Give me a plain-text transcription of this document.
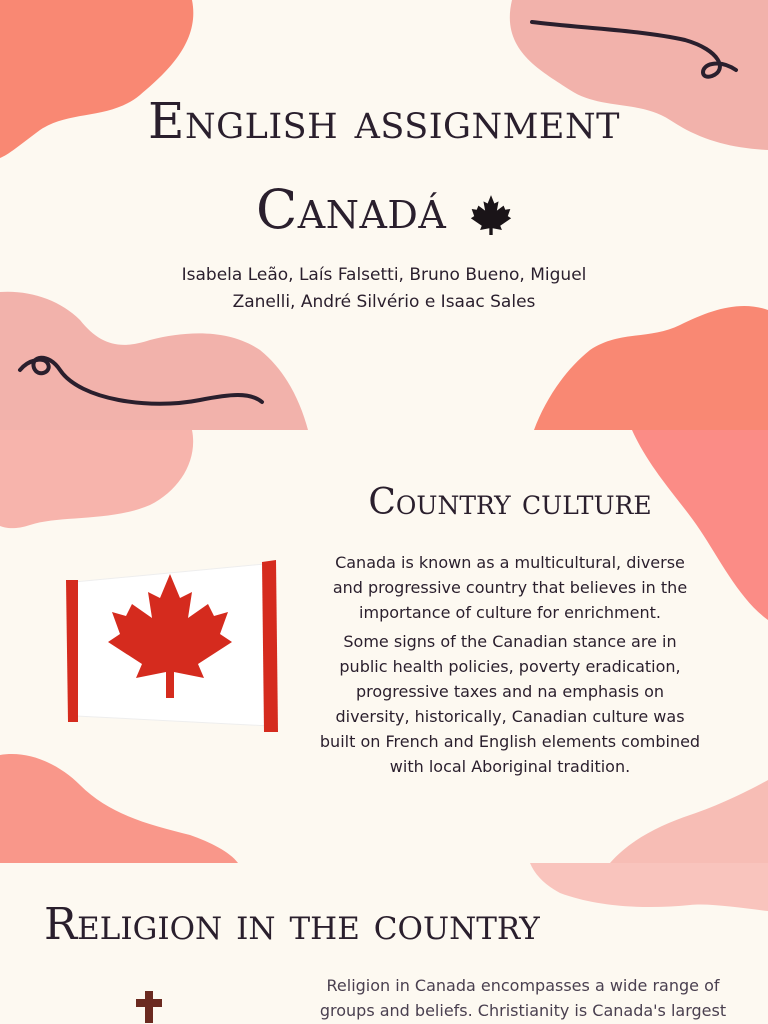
English assignment
Canadá
Isabela Leão, Laís Falsetti, Bruno Bueno, Miguel
Zanelli, André Silvério e Isaac Sales
Country culture

Canada is known as a multicultural, diverse and progressive country that believes in the importance of culture for enrichment.

Some signs of the Canadian stance are in public health policies, poverty eradication, progressive taxes and na emphasis on diversity, historically, Canadian culture was built on French and English elements combined with local Aboriginal tradition.

Religion in the country

Religion in Canada encompasses a wide range of groups and beliefs. Christianity is Canada's largest
